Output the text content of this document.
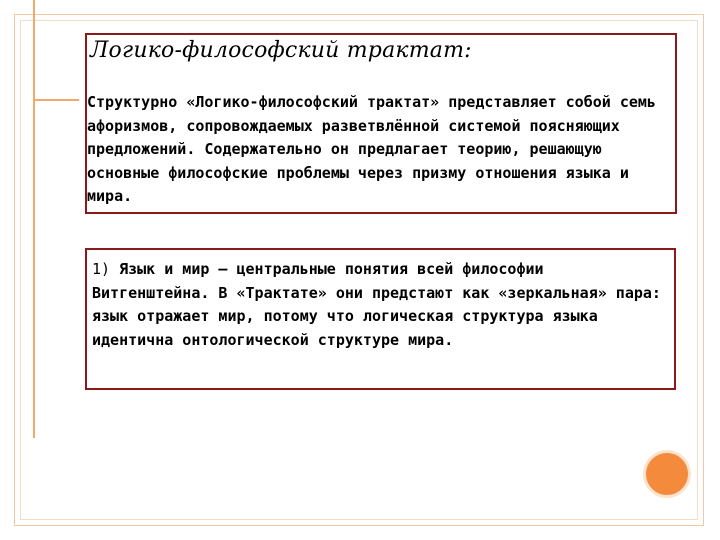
Логико-философский трактат:

Структурно «Логико-философский трактат» представляет собой семь афоризмов, сопровождаемых разветвлённой системой поясняющих предложений. Содержательно он предлагает теорию, решающую основные философские проблемы через призму отношения языка и мира.

1) Язык и мир — центральные понятия всей философии Витгенштейна. В «Трактате» они предстают как «зеркальная» пара: язык отражает мир, потому что логическая структура языка идентична онтологической структуре мира.
